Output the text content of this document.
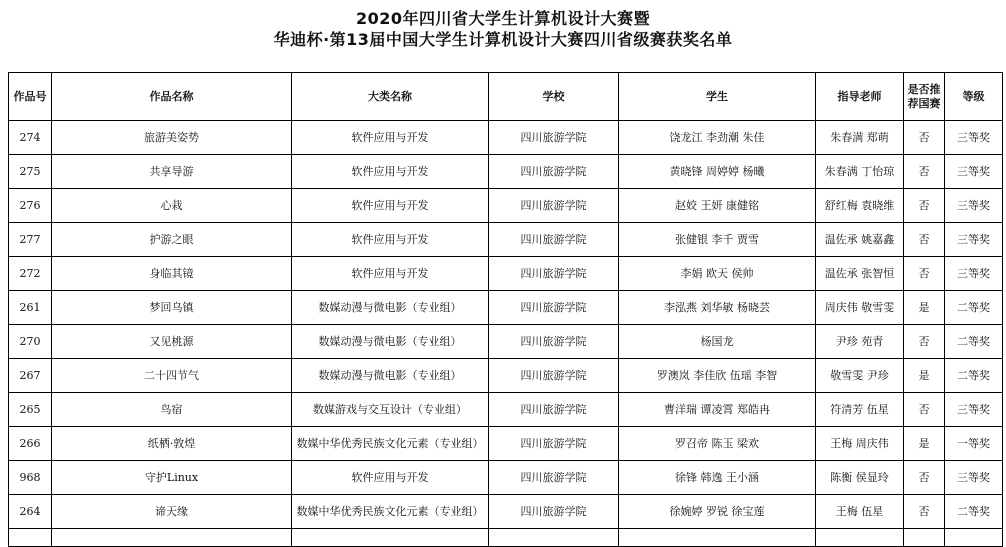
2020年四川省大学生计算机设计大赛暨
华迪杯·第13届中国大学生计算机设计大赛四川省级赛获奖名单
作品号	作品名称	大类名称	学校	学生	指导老师	是否推荐国赛	等级
274	旅游美姿势	软件应用与开发	四川旅游学院	饶龙江 李劲潮 朱佳	朱春满 郑萌	否	三等奖
275	共享导游	软件应用与开发	四川旅游学院	黄晓锋 周婷婷 杨曦	朱春满 丁怡琼	否	三等奖
276	心栽	软件应用与开发	四川旅游学院	赵姣 王妍 康健铭	舒红梅 袁晓维	否	三等奖
277	护游之眼	软件应用与开发	四川旅游学院	张健银 李千 贾雪	温佐承 姚嘉鑫	否	三等奖
272	身临其镜	软件应用与开发	四川旅游学院	李娟 欧天 侯帅	温佐承 张智恒	否	三等奖
261	梦回乌镇	数媒动漫与微电影（专业组）	四川旅游学院	李泓燕 刘华敏 杨晓芸	周庆伟 敬雪雯	是	二等奖
270	又见桃源	数媒动漫与微电影（专业组）	四川旅游学院	杨国龙	尹珍 苑青	否	二等奖
267	二十四节气	数媒动漫与微电影（专业组）	四川旅游学院	罗澳岚 李佳欣 伍瑶 李智	敬雪雯 尹珍	是	二等奖
265	鸟宿	数媒游戏与交互设计（专业组）	四川旅游学院	曹洋瑞 谭凌霄 郑皓冉	符清芳 伍星	否	三等奖
266	纸栖·敦煌	数媒中华优秀民族文化元素（专业组）	四川旅游学院	罗召帝 陈玉 梁欢	王梅 周庆伟	是	一等奖
968	守护Linux	软件应用与开发	四川旅游学院	徐锋 韩逸 王小涵	陈衡 侯显玲	否	三等奖
264	谛天缘	数媒中华优秀民族文化元素（专业组）	四川旅游学院	徐婉婷 罗锐 徐宝莲	王梅 伍星	否	二等奖
